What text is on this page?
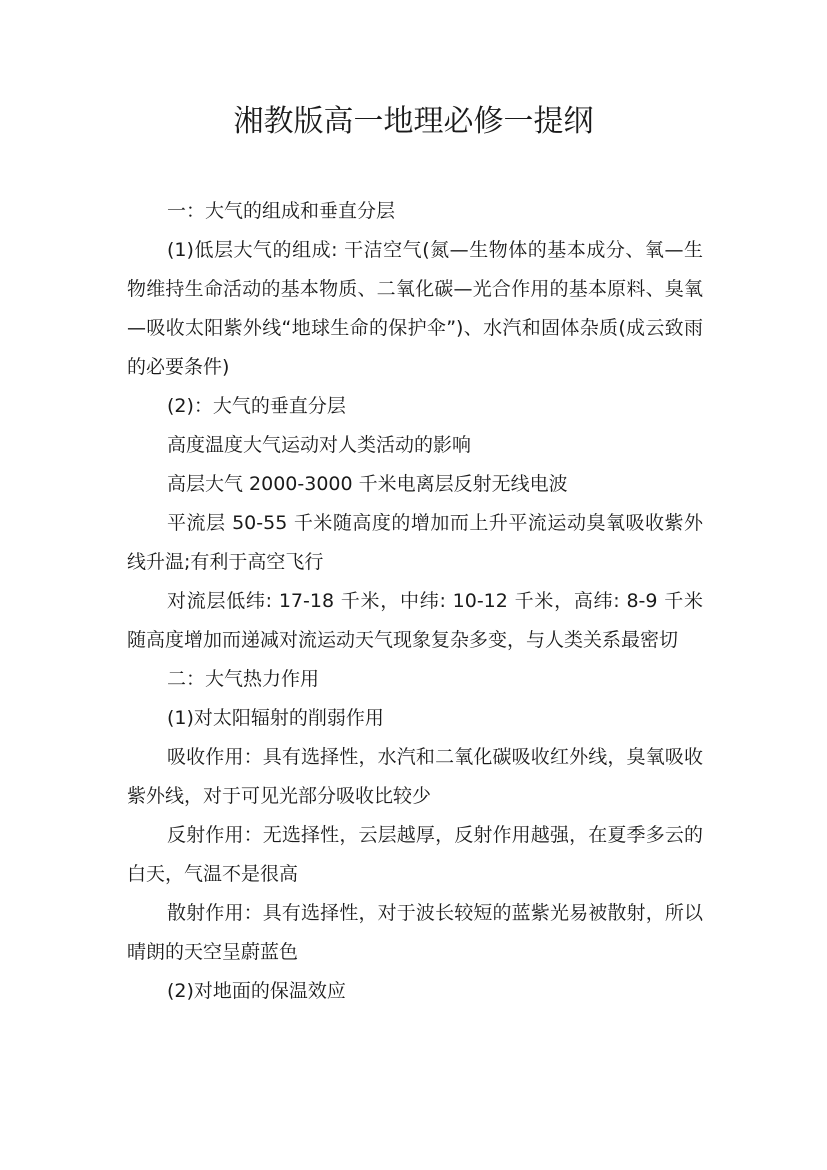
湘教版高一地理必修一提纲

一：大气的组成和垂直分层

(1)低层大气的组成: 干洁空气(氮—生物体的基本成分、氧—生物维持生命活动的基本物质、二氧化碳—光合作用的基本原料、臭氧—吸收太阳紫外线“地球生命的保护伞”)、水汽和固体杂质(成云致雨的必要条件)

(2)：大气的垂直分层

高度温度大气运动对人类活动的影响

高层大气 2000-3000 千米电离层反射无线电波

平流层 50-55 千米随高度的增加而上升平流运动臭氧吸收紫外线升温;有利于高空飞行

对流层低纬: 17-18 千米，中纬: 10-12 千米，高纬: 8-9 千米随高度增加而递减对流运动天气现象复杂多变，与人类关系最密切

二：大气热力作用

(1)对太阳辐射的削弱作用

吸收作用：具有选择性，水汽和二氧化碳吸收红外线，臭氧吸收紫外线，对于可见光部分吸收比较少

反射作用：无选择性，云层越厚，反射作用越强，在夏季多云的白天，气温不是很高

散射作用：具有选择性，对于波长较短的蓝紫光易被散射，所以晴朗的天空呈蔚蓝色

(2)对地面的保温效应
